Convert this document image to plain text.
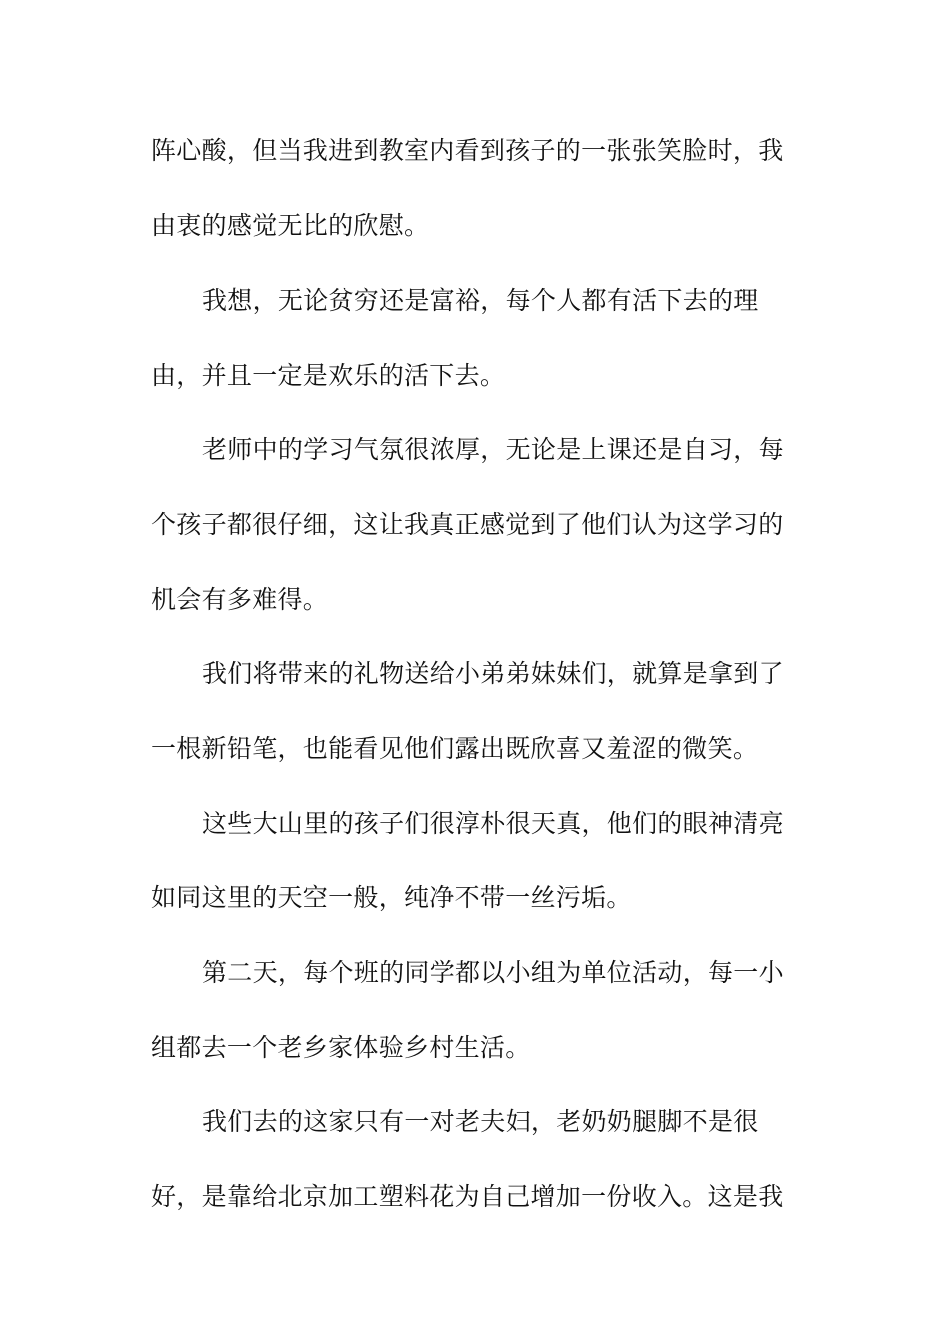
阵心酸，但当我进到教室内看到孩子的一张张笑脸时，我
由衷的感觉无比的欣慰。
我想，无论贫穷还是富裕，每个人都有活下去的理
由，并且一定是欢乐的活下去。
老师中的学习气氛很浓厚，无论是上课还是自习，每
个孩子都很仔细，这让我真正感觉到了他们认为这学习的
机会有多难得。
我们将带来的礼物送给小弟弟妹妹们，就算是拿到了
一根新铅笔，也能看见他们露出既欣喜又羞涩的微笑。
这些大山里的孩子们很淳朴很天真，他们的眼神清亮
如同这里的天空一般，纯净不带一丝污垢。
第二天，每个班的同学都以小组为单位活动，每一小
组都去一个老乡家体验乡村生活。
我们去的这家只有一对老夫妇，老奶奶腿脚不是很
好，是靠给北京加工塑料花为自己增加一份收入。这是我
